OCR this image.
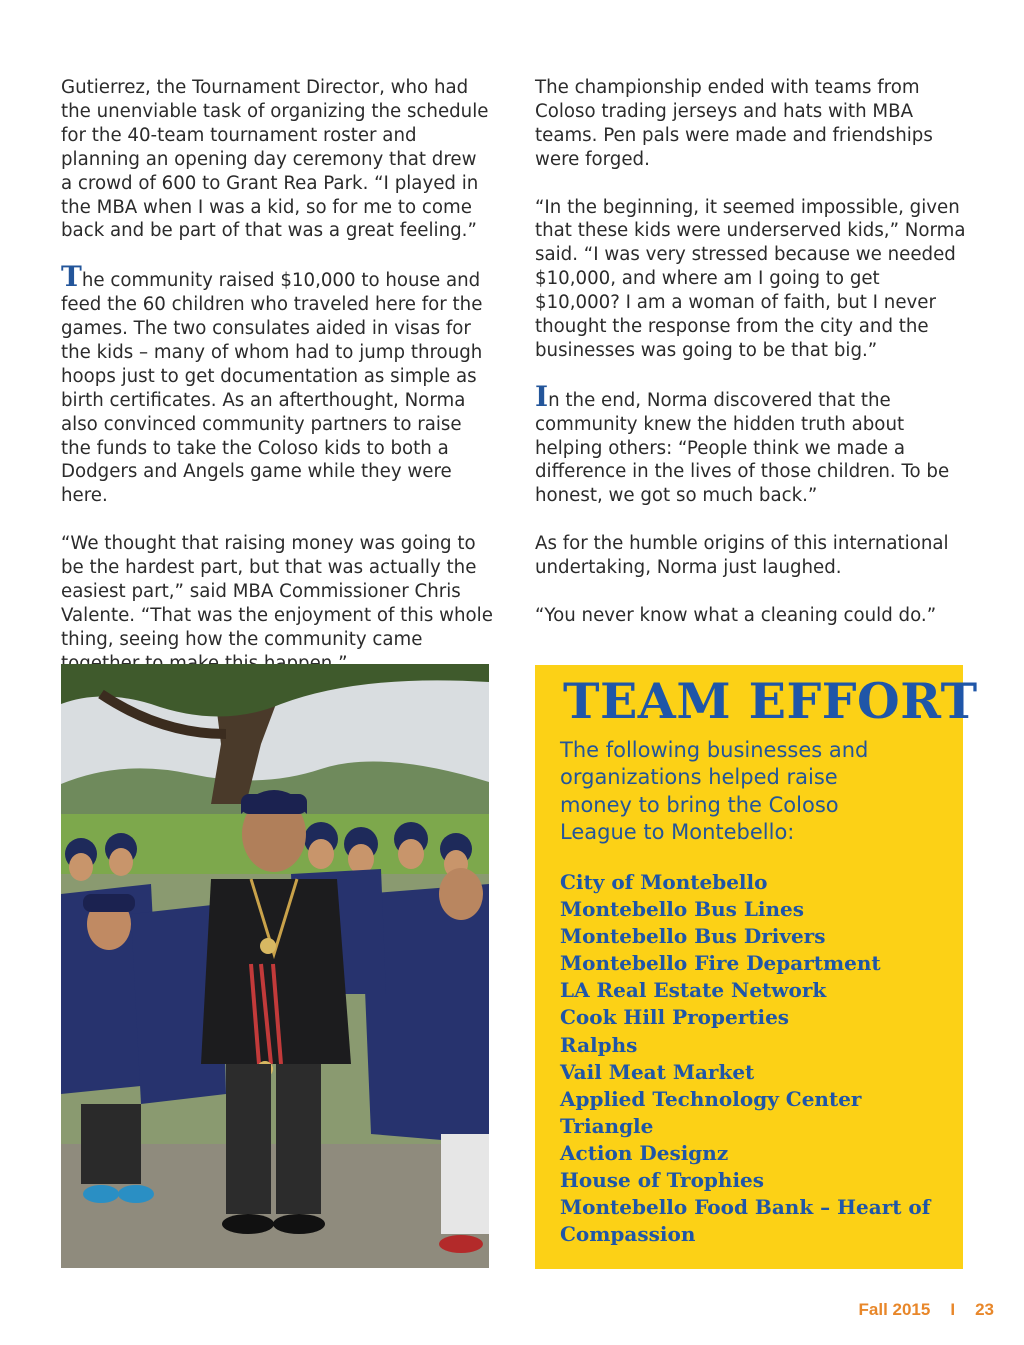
Gutierrez, the Tournament Director, who had the unenviable task of organizing the schedule for the 40-team tournament roster and planning an opening day ceremony that drew a crowd of 600 to Grant Rea Park. “I played in the MBA when I was a kid, so for me to come back and be part of that was a great feeling.”

The community raised $10,000 to house and feed the 60 children who traveled here for the games. The two consulates aided in visas for the kids – many of whom had to jump through hoops just to get documentation as simple as birth certificates. As an afterthought, Norma also convinced community partners to raise the funds to take the Coloso kids to both a Dodgers and Angels game while they were here.

“We thought that raising money was going to be the hardest part, but that was actually the easiest part,” said MBA Commissioner Chris Valente. “That was the enjoyment of this whole thing, seeing how the community came

The championship ended with teams from Coloso trading jerseys and hats with MBA teams. Pen pals were made and friendships were forged.

“In the beginning, it seemed impossible, given that these kids were underserved kids,” Norma said. “I was very stressed because we needed $10,000, and where am I going to get $10,000? I am a woman of faith, but I never thought the response from the city and the businesses was going to be that big.”

In the end, Norma discovered that the community knew the hidden truth about helping others: “People think we made a difference in the lives of those children. To be honest, we got so much back.”

As for the humble origins of this international undertaking, Norma just laughed.

“You never know what a cleaning could do.”

TEAM EFFORT
The following businesses and organizations helped raise money to bring the Coloso League to Montebello:
City of Montebello
Montebello Bus Lines
Montebello Bus Drivers
Montebello Fire Department
LA Real Estate Network
Cook Hill Properties
Ralphs
Vail Meat Market
Applied Technology Center
Triangle
Action Designz
House of Trophies
Montebello Food Bank – Heart of Compassion
Fall 2015 I 23
